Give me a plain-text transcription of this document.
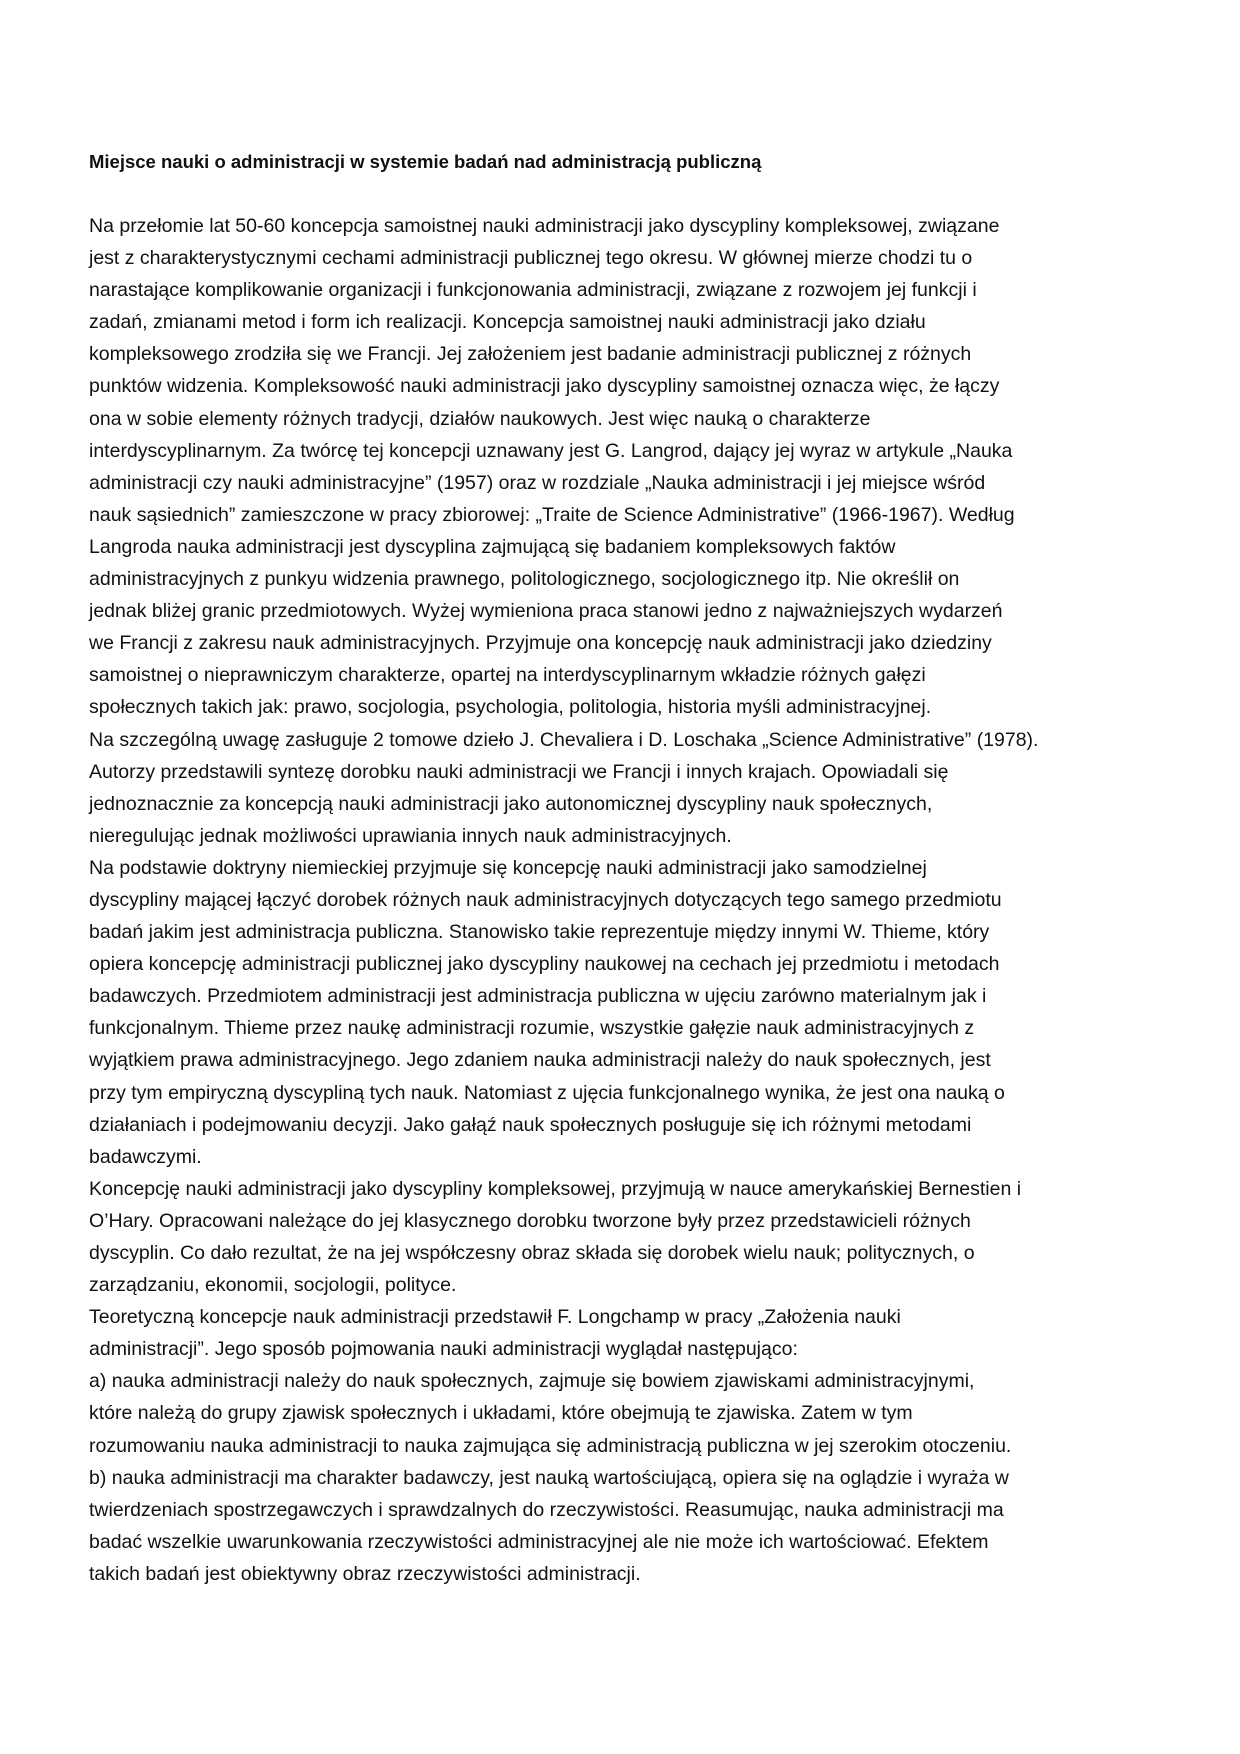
Miejsce nauki o administracji w systemie badań nad administracją publiczną
Na przełomie lat 50-60 koncepcja samoistnej nauki administracji jako dyscypliny kompleksowej, związane
jest z charakterystycznymi cechami administracji publicznej tego okresu. W głównej mierze chodzi tu o
narastające komplikowanie organizacji i funkcjonowania administracji, związane z rozwojem jej funkcji i
zadań, zmianami metod i form ich realizacji. Koncepcja samoistnej nauki administracji jako działu
kompleksowego zrodziła się we Francji. Jej założeniem jest badanie administracji publicznej z różnych
punktów widzenia. Kompleksowość nauki administracji jako dyscypliny samoistnej oznacza więc, że łączy
ona w sobie elementy różnych tradycji, działów naukowych. Jest więc nauką o charakterze
interdyscyplinarnym. Za twórcę tej koncepcji uznawany jest G. Langrod, dający jej wyraz w artykule „Nauka
administracji czy nauki administracyjne” (1957) oraz w rozdziale „Nauka administracji i jej miejsce wśród
nauk sąsiednich” zamieszczone w pracy zbiorowej: „Traite de Science Administrative” (1966-1967). Według
Langroda nauka administracji jest dyscyplina zajmującą się badaniem kompleksowych faktów
administracyjnych z punkyu widzenia prawnego, politologicznego, socjologicznego itp. Nie określił on
jednak bliżej granic przedmiotowych. Wyżej wymieniona praca stanowi jedno z najważniejszych wydarzeń
we Francji z zakresu nauk administracyjnych. Przyjmuje ona koncepcję nauk administracji jako dziedziny
samoistnej o nieprawniczym charakterze, opartej na interdyscyplinarnym wkładzie różnych gałęzi
społecznych takich jak: prawo, socjologia, psychologia, politologia, historia myśli administracyjnej.
Na szczególną uwagę zasługuje 2 tomowe dzieło J. Chevaliera i D. Loschaka „Science Administrative” (1978).
Autorzy przedstawili syntezę dorobku nauki administracji we Francji i innych krajach. Opowiadali się
jednoznacznie za koncepcją nauki administracji jako autonomicznej dyscypliny nauk społecznych,
nieregulując jednak możliwości uprawiania innych nauk administracyjnych.
Na podstawie doktryny niemieckiej przyjmuje się koncepcję nauki administracji jako samodzielnej
dyscypliny mającej łączyć dorobek różnych nauk administracyjnych dotyczących tego samego przedmiotu
badań jakim jest administracja publiczna. Stanowisko takie reprezentuje między innymi W. Thieme, który
opiera koncepcję administracji publicznej jako dyscypliny naukowej na cechach jej przedmiotu i metodach
badawczych. Przedmiotem administracji jest administracja publiczna w ujęciu zarówno materialnym jak i
funkcjonalnym. Thieme przez naukę administracji rozumie, wszystkie gałęzie nauk administracyjnych z
wyjątkiem prawa administracyjnego. Jego zdaniem nauka administracji należy do nauk społecznych, jest
przy tym empiryczną dyscypliną tych nauk. Natomiast z ujęcia funkcjonalnego wynika, że jest ona nauką o
działaniach i podejmowaniu decyzji. Jako gałąź nauk społecznych posługuje się ich różnymi metodami
badawczymi.
Koncepcję nauki administracji jako dyscypliny kompleksowej, przyjmują w nauce amerykańskiej Bernestien i
O’Hary. Opracowani należące do jej klasycznego dorobku tworzone były przez przedstawicieli różnych
dyscyplin. Co dało rezultat, że na jej współczesny obraz składa się dorobek wielu nauk; politycznych, o
zarządzaniu, ekonomii, socjologii, polityce.
Teoretyczną koncepcje nauk administracji przedstawił F. Longchamp w pracy „Założenia nauki
administracji”. Jego sposób pojmowania nauki administracji wyglądał następująco:
a) nauka administracji należy do nauk społecznych, zajmuje się bowiem zjawiskami administracyjnymi,
które należą do grupy zjawisk społecznych i układami, które obejmują te zjawiska. Zatem w tym
rozumowaniu nauka administracji to nauka zajmująca się administracją publiczna w jej szerokim otoczeniu.
b) nauka administracji ma charakter badawczy, jest nauką wartościującą, opiera się na oglądzie i wyraża w
twierdzeniach spostrzegawczych i sprawdzalnych do rzeczywistości. Reasumując, nauka administracji ma
badać wszelkie uwarunkowania rzeczywistości administracyjnej ale nie może ich wartościować. Efektem
takich badań jest obiektywny obraz rzeczywistości administracji.
